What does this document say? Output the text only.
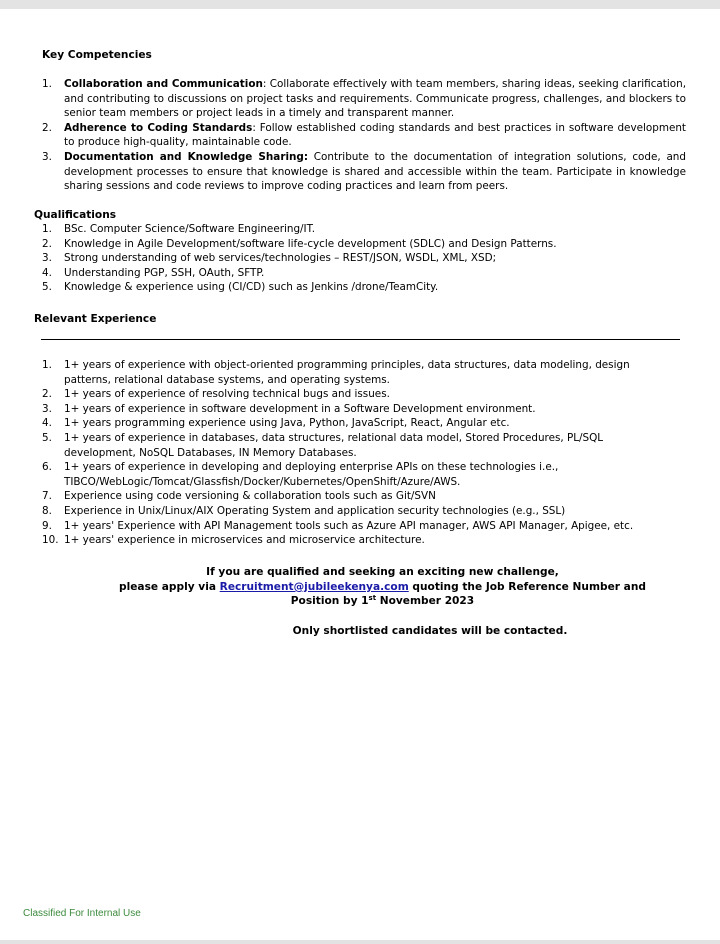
Key Competencies
1. Collaboration and Communication: Collaborate effectively with team members, sharing ideas, seeking clarification, and contributing to discussions on project tasks and requirements. Communicate progress, challenges, and blockers to senior team members or project leads in a timely and transparent manner.
2. Adherence to Coding Standards: Follow established coding standards and best practices in software development to produce high-quality, maintainable code.
3. Documentation and Knowledge Sharing: Contribute to the documentation of integration solutions, code, and development processes to ensure that knowledge is shared and accessible within the team. Participate in knowledge sharing sessions and code reviews to improve coding practices and learn from peers.
Qualifications
1. BSc. Computer Science/Software Engineering/IT.
2. Knowledge in Agile Development/software life-cycle development (SDLC) and Design Patterns.
3. Strong understanding of web services/technologies – REST/JSON, WSDL, XML, XSD;
4. Understanding PGP, SSH, OAuth, SFTP.
5. Knowledge & experience using (CI/CD) such as Jenkins /drone/TeamCity.
Relevant Experience
1. 1+ years of experience with object-oriented programming principles, data structures, data modeling, design patterns, relational database systems, and operating systems.
2. 1+ years of experience of resolving technical bugs and issues.
3. 1+ years of experience in software development in a Software Development environment.
4. 1+ years programming experience using Java, Python, JavaScript, React, Angular etc.
5. 1+ years of experience in databases, data structures, relational data model, Stored Procedures, PL/SQL development, NoSQL Databases, IN Memory Databases.
6. 1+ years of experience in developing and deploying enterprise APIs on these technologies i.e., TIBCO/WebLogic/Tomcat/Glassfish/Docker/Kubernetes/OpenShift/Azure/AWS.
7. Experience using code versioning & collaboration tools such as Git/SVN
8. Experience in Unix/Linux/AIX Operating System and application security technologies (e.g., SSL)
9. 1+ years' Experience with API Management tools such as Azure API manager, AWS API Manager, Apigee, etc.
10. 1+ years' experience in microservices and microservice architecture.
If you are qualified and seeking an exciting new challenge,
please apply via Recruitment@jubileekenya.com quoting the Job Reference Number and
Position by 1st November 2023
Only shortlisted candidates will be contacted.
Classified For Internal Use
